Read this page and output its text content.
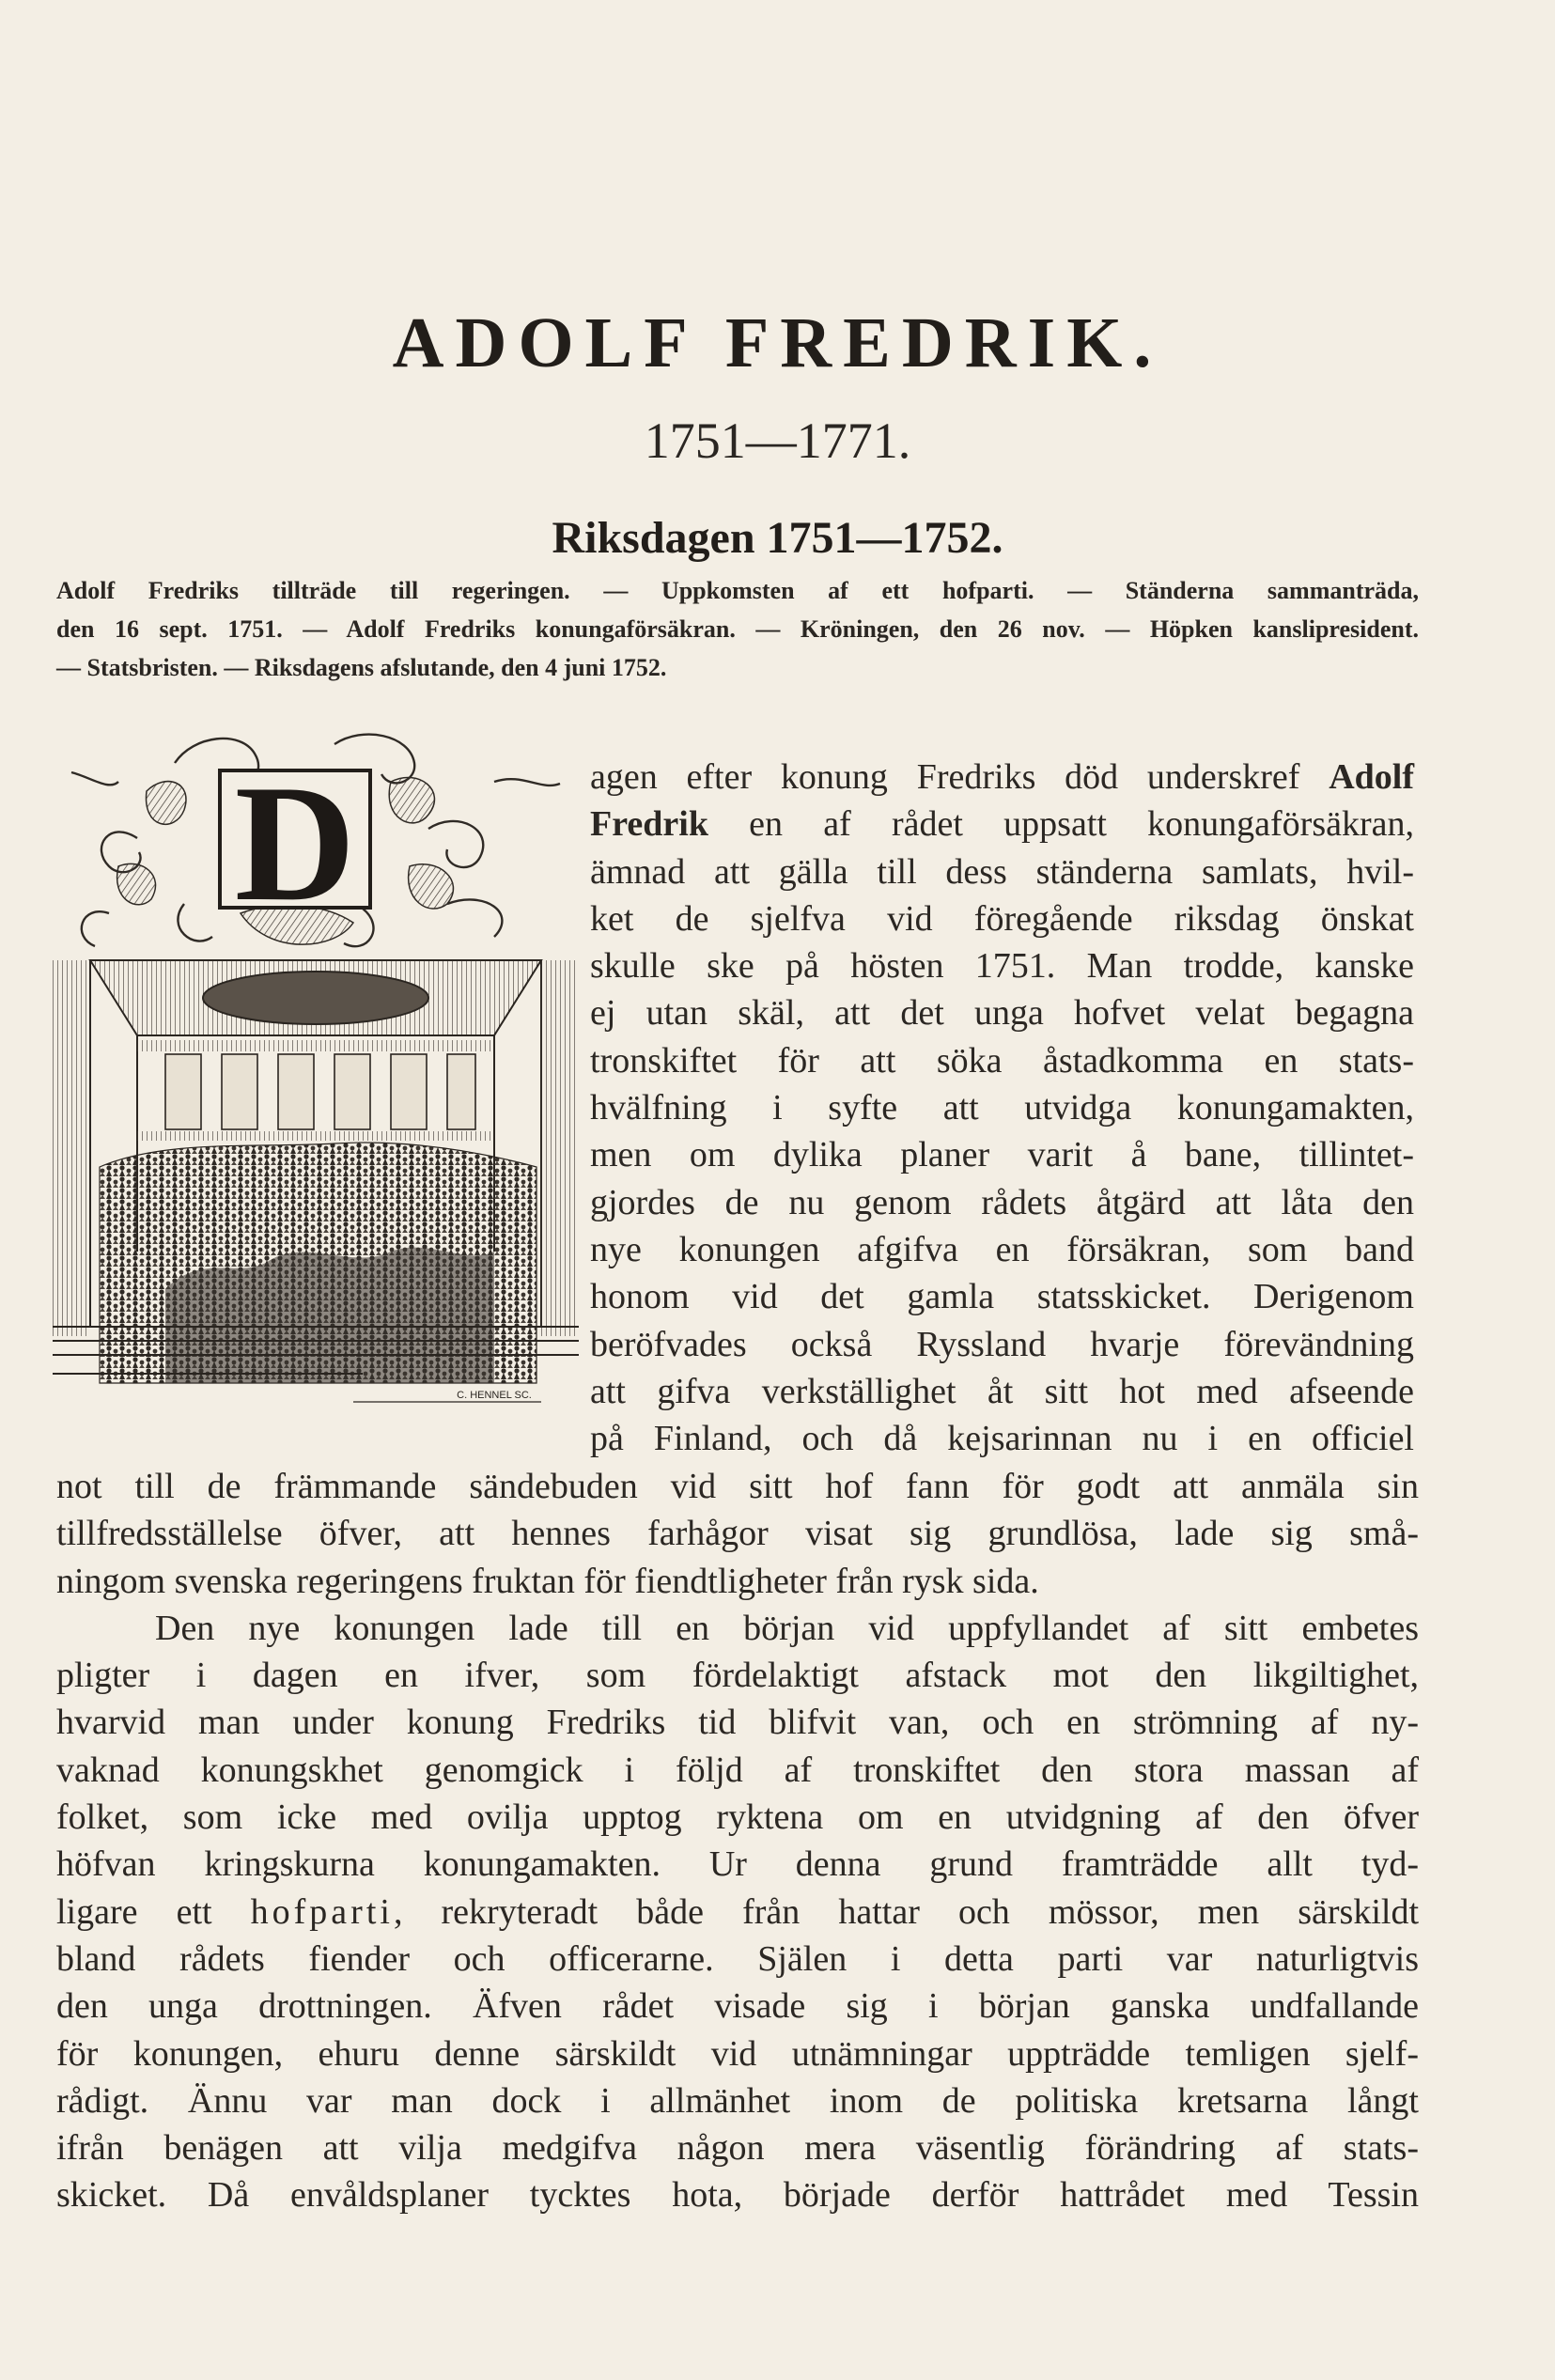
ADOLF FREDRIK.
1751—1771.
Riksdagen 1751—1752.
Adolf Fredriks tillträde till regeringen. — Uppkomsten af ett hofparti. — Ständerna sammanträda,
den 16 sept. 1751. — Adolf Fredriks konungaförsäkran. — Kröningen, den 26 nov. — Höpken kanslipresident.
— Statsbristen. — Riksdagens afslutande, den 4 juni 1752.
D
C. HENNEL SC.
agen efter konung Fredriks död underskref Adolf
Fredrik en af rådet uppsatt konungaförsäkran,
ämnad att gälla till dess ständerna samlats, hvil-
ket de sjelfva vid föregående riksdag önskat
skulle ske på hösten 1751. Man trodde, kanske
ej utan skäl, att det unga hofvet velat begagna
tronskiftet för att söka åstadkomma en stats-
hvälfning i syfte att utvidga konungamakten,
men om dylika planer varit å bane, tillintet-
gjordes de nu genom rådets åtgärd att låta den
nye konungen afgifva en försäkran, som band
honom vid det gamla statsskicket. Derigenom
beröfvades också Ryssland hvarje förevändning
att gifva verkställighet åt sitt hot med afseende
på Finland, och då kejsarinnan nu i en officiel
not till de främmande sändebuden vid sitt hof fann för godt att anmäla sin
tillfredsställelse öfver, att hennes farhågor visat sig grundlösa, lade sig små-
ningom svenska regeringens fruktan för fiendtligheter från rysk sida.
Den nye konungen lade till en början vid uppfyllandet af sitt embetes
pligter i dagen en ifver, som fördelaktigt afstack mot den likgiltighet,
hvarvid man under konung Fredriks tid blifvit van, och en strömning af ny-
vaknad konungskhet genomgick i följd af tronskiftet den stora massan af
folket, som icke med ovilja upptog ryktena om en utvidgning af den öfver
höfvan kringskurna konungamakten. Ur denna grund framträdde allt tyd-
ligare ett hofparti, rekryteradt både från hattar och mössor, men särskildt
bland rådets fiender och officerarne. Själen i detta parti var naturligtvis
den unga drottningen. Äfven rådet visade sig i början ganska undfallande
för konungen, ehuru denne särskildt vid utnämningar uppträdde temligen sjelf-
rådigt. Ännu var man dock i allmänhet inom de politiska kretsarna långt
ifrån benägen att vilja medgifva någon mera väsentlig förändring af stats-
skicket. Då envåldsplaner tycktes hota, började derför hattrådet med Tessin
